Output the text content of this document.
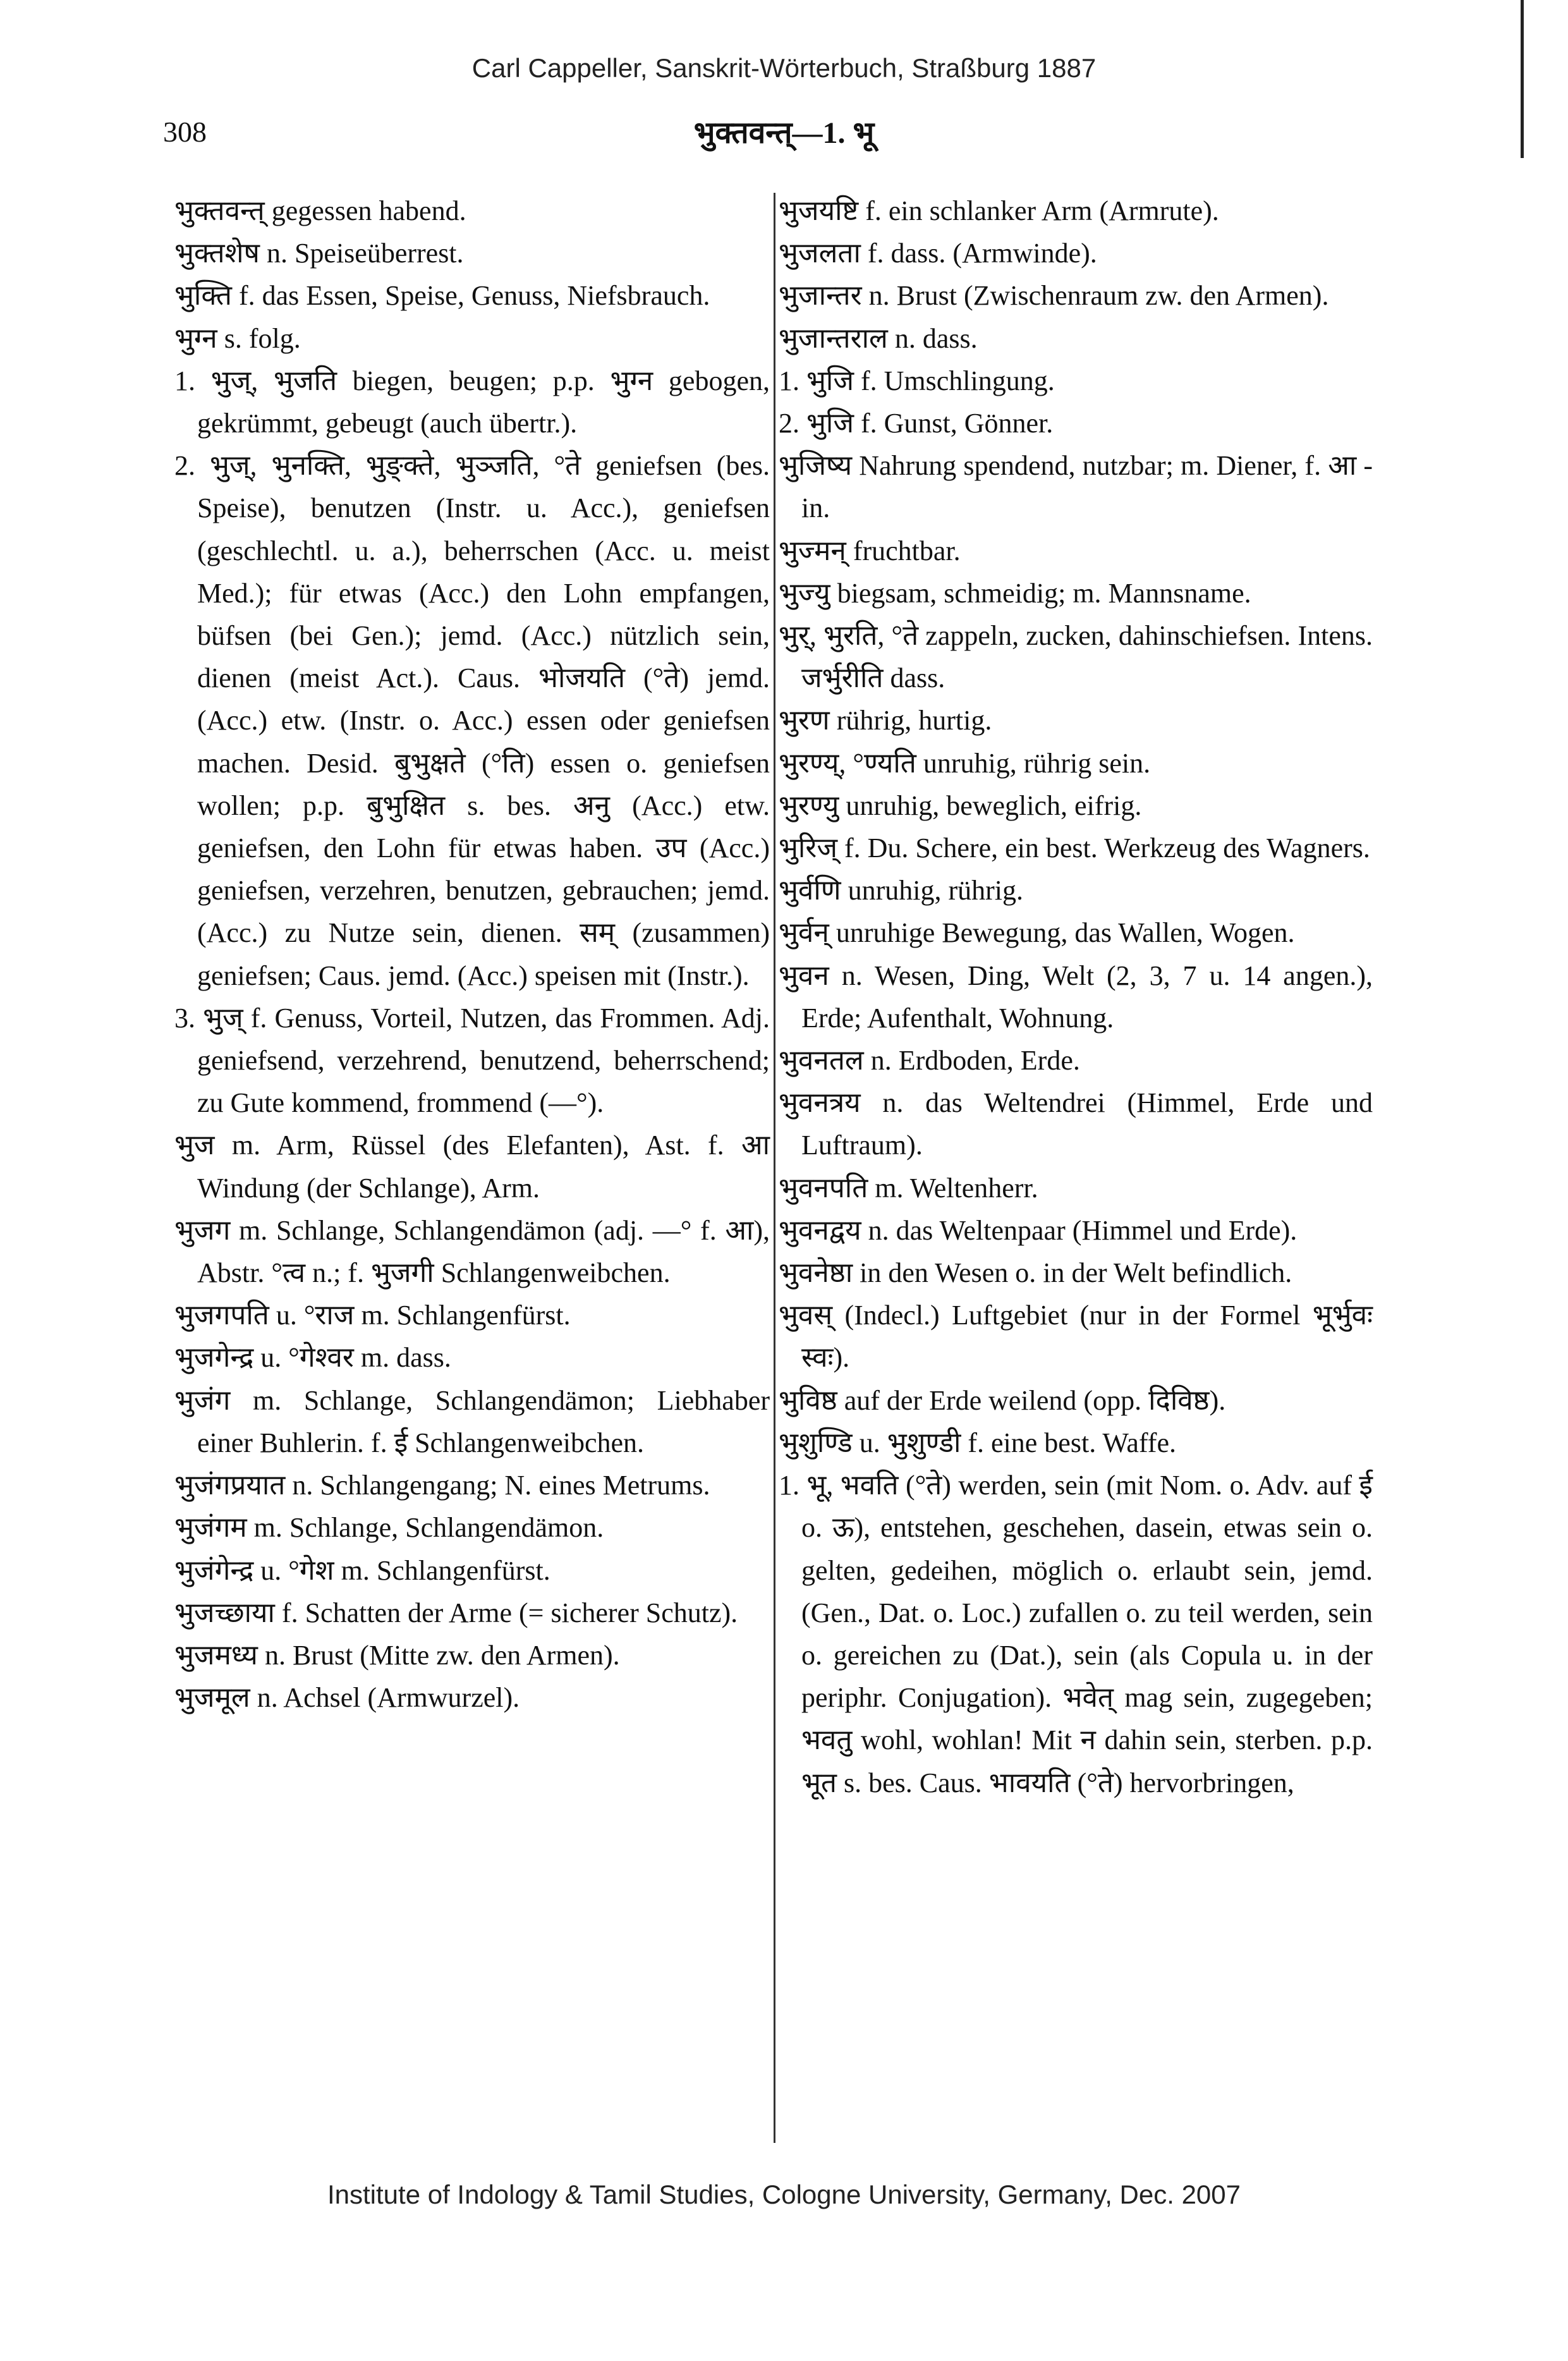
Carl Cappeller, Sanskrit-Wörterbuch, Straßburg 1887
308	भुक्तवन्त्—1. भू

भुक्तवन्त् gegessen habend.

भुक्तशेष n. Speiseüberrest.

भुक्ति f. das Essen, Speise, Genuss, Niefsbrauch.

भुग्न s. folg.

1. भुज्, भुजति biegen, beugen; p.p. भुग्न gebogen, gekrümmt, gebeugt (auch übertr.).

2. भुज्, भुनक्ति, भुङ्क्ते, भुञ्जति, °ते geniefsen (bes. Speise), benutzen (Instr. u. Acc.), geniefsen (geschlechtl. u. a.), beherrschen (Acc. u. meist Med.); für etwas (Acc.) den Lohn empfangen, büfsen (bei Gen.); jemd. (Acc.) nützlich sein, dienen (meist Act.). Caus. भोजयति (°ते) jemd. (Acc.) etw. (Instr. o. Acc.) essen oder geniefsen machen. Desid. बुभुक्षते (°ति) essen o. geniefsen wollen; p.p. बुभुक्षित s. bes. अनु (Acc.) etw. geniefsen, den Lohn für etwas haben. उप (Acc.) geniefsen, verzehren, benutzen, gebrauchen; jemd. (Acc.) zu Nutze sein, dienen. सम् (zusammen) geniefsen; Caus. jemd. (Acc.) speisen mit (Instr.).

3. भुज् f. Genuss, Vorteil, Nutzen, das Frommen. Adj. geniefsend, verzehrend, benutzend, beherrschend; zu Gute kommend, frommend (—°).

भुज m. Arm, Rüssel (des Elefanten), Ast. f. आ Windung (der Schlange), Arm.

भुजग m. Schlange, Schlangendämon (adj. —° f. आ), Abstr. °त्व n.; f. भुजगी Schlangenweibchen.

भुजगपति u. °राज m. Schlangenfürst.

भुजगेन्द्र u. °गेश्वर m. dass.

भुजंग m. Schlange, Schlangendämon; Liebhaber einer Buhlerin. f. ई Schlangenweibchen.

भुजंगप्रयात n. Schlangengang; N. eines Metrums.

भुजंगम m. Schlange, Schlangendämon.

भुजंगेन्द्र u. °गेश m. Schlangenfürst.

भुजच्छाया f. Schatten der Arme (= sicherer Schutz).

भुजमध्य n. Brust (Mitte zw. den Armen).

भुजमूल n. Achsel (Armwurzel).

भुजयष्टि f. ein schlanker Arm (Armrute).

भुजलता f. dass. (Armwinde).

भुजान्तर n. Brust (Zwischenraum zw. den Armen).

भुजान्तराल n. dass.

1. भुजि f. Umschlingung.

2. भुजि f. Gunst, Gönner.

भुजिष्य Nahrung spendend, nutzbar; m. Diener, f. आ -in.

भुज्मन् fruchtbar.

भुज्यु biegsam, schmeidig; m. Mannsname.

भुर्, भुरति, °ते zappeln, zucken, dahinschiefsen. Intens. जर्भुरीति dass.

भुरण rührig, hurtig.

भुरण्य्, °ण्यति unruhig, rührig sein.

भुरण्यु unruhig, beweglich, eifrig.

भुरिज् f. Du. Schere, ein best. Werkzeug des Wagners.

भुर्वणि unruhig, rührig.

भुर्वन् unruhige Bewegung, das Wallen, Wogen.

भुवन n. Wesen, Ding, Welt (2, 3, 7 u. 14 angen.), Erde; Aufenthalt, Wohnung.

भुवनतल n. Erdboden, Erde.

भुवनत्रय n. das Weltendrei (Himmel, Erde und Luftraum).

भुवनपति m. Weltenherr.

भुवनद्वय n. das Weltenpaar (Himmel und Erde).

भुवनेष्ठा in den Wesen o. in der Welt befindlich.

भुवस् (Indecl.) Luftgebiet (nur in der Formel भूर्भुवः स्वः).

भुविष्ठ auf der Erde weilend (opp. दिविष्ठ).

भुशुण्डि u. भुशुण्डी f. eine best. Waffe.

1. भू, भवति (°ते) werden, sein (mit Nom. o. Adv. auf ई o. ऊ), entstehen, geschehen, dasein, etwas sein o. gelten, gedeihen, möglich o. erlaubt sein, jemd. (Gen., Dat. o. Loc.) zufallen o. zu teil werden, sein o. gereichen zu (Dat.), sein (als Copula u. in der periphr. Conjugation). भवेत् mag sein, zugegeben; भवतु wohl, wohlan! Mit न dahin sein, sterben. p.p. भूत s. bes. Caus. भावयति (°ते) hervorbringen,

Institute of Indology & Tamil Studies, Cologne University, Germany, Dec. 2007
